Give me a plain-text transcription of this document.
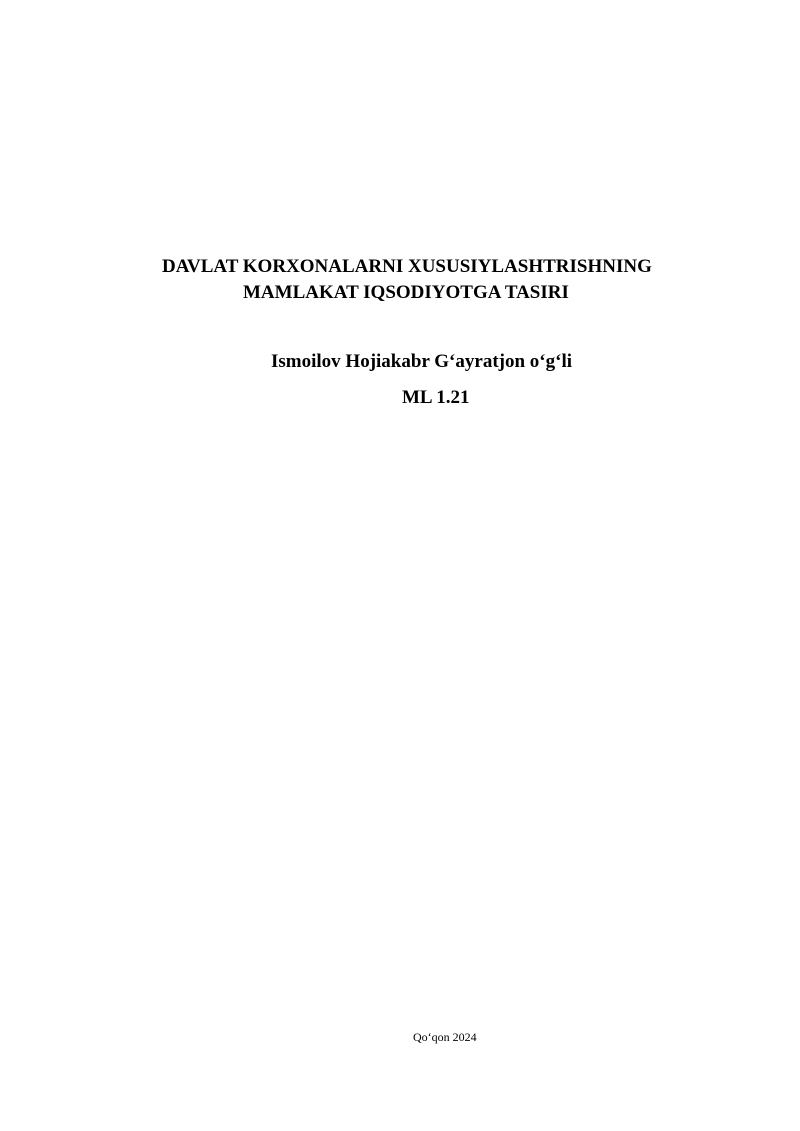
DAVLAT KORXONALARNI XUSUSIYLASHTRISHNING
MAMLAKAT IQSODIYOTGA TASIRI
Ismoilov Hojiakabr G‘ayratjon o‘g‘li
ML 1.21
Qo‘qon 2024
